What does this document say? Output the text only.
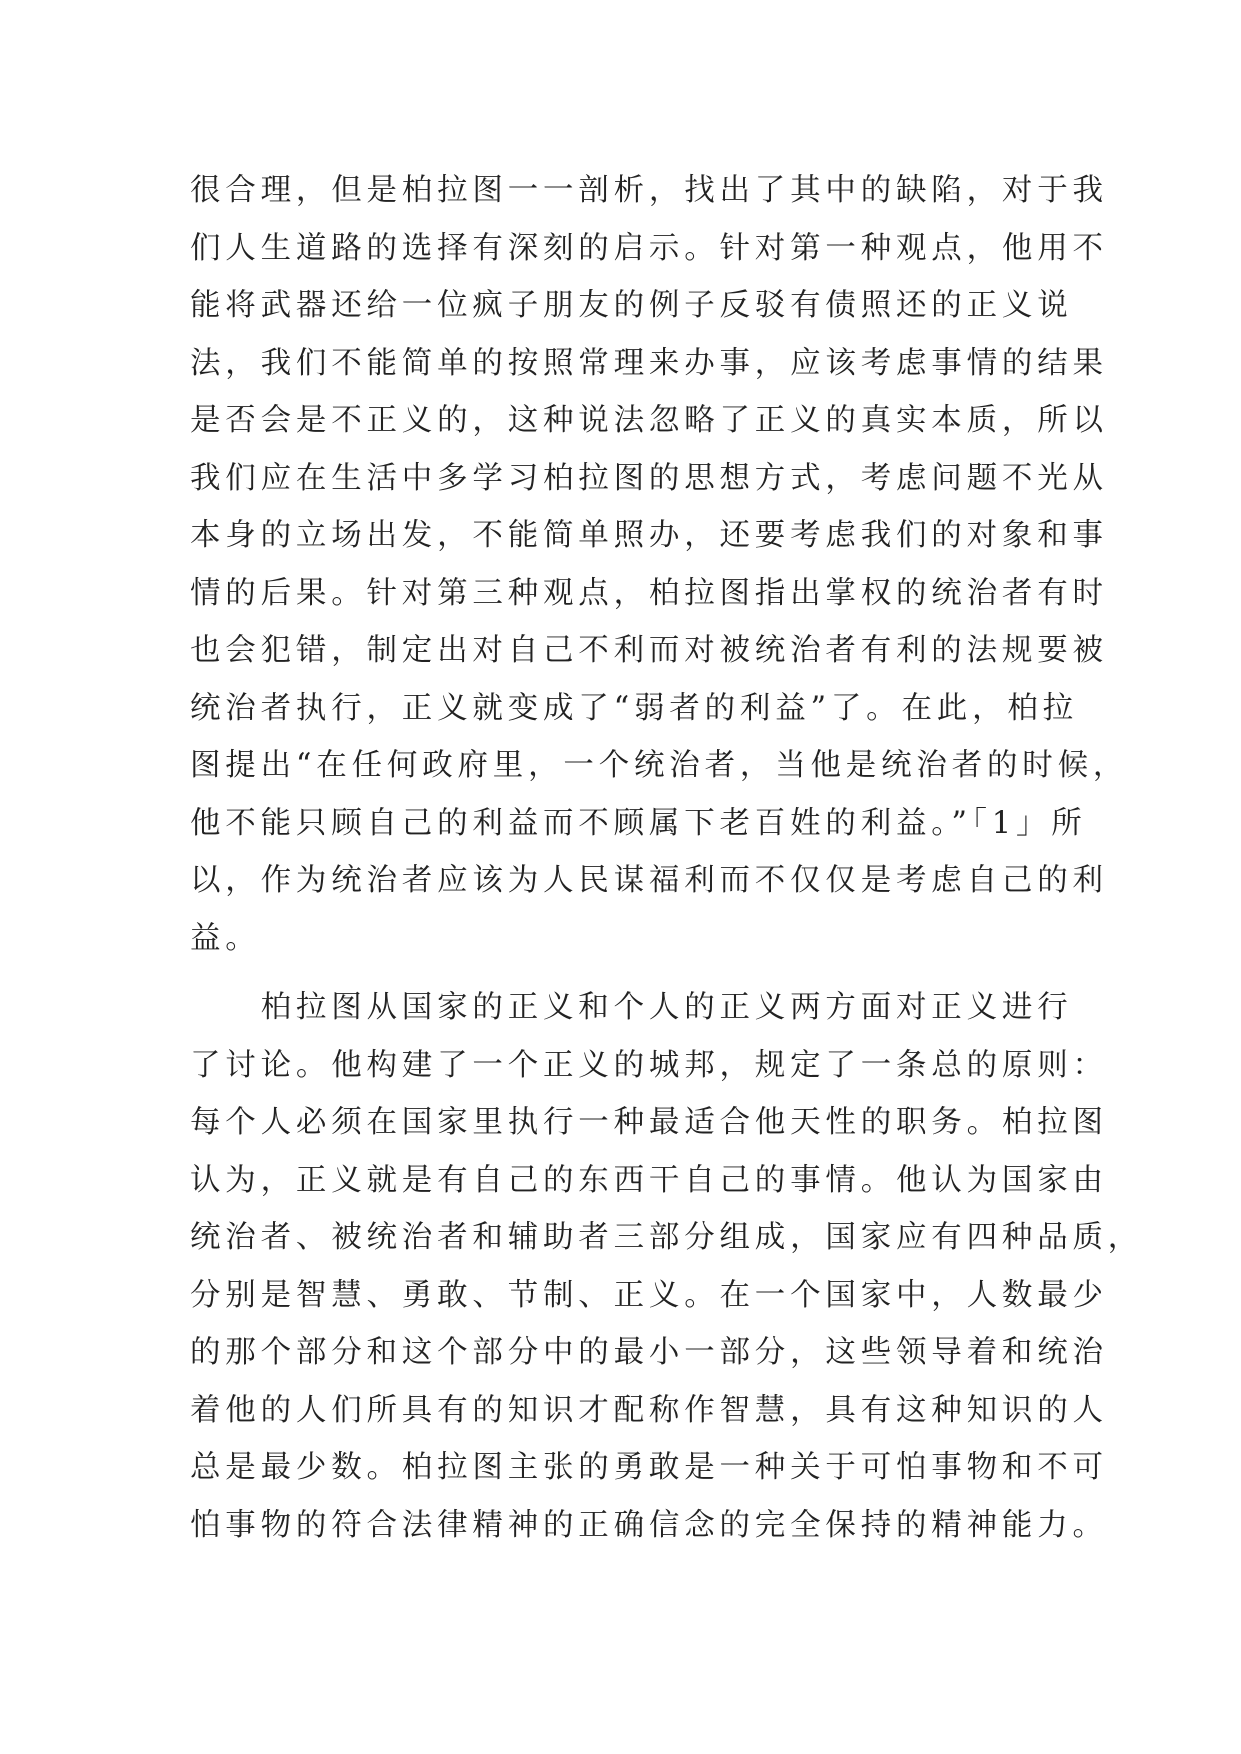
很合理，但是柏拉图一一剖析，找出了其中的缺陷，对于我
们人生道路的选择有深刻的启示。针对第一种观点，他用不
能将武器还给一位疯子朋友的例子反驳有债照还的正义说
法，我们不能简单的按照常理来办事，应该考虑事情的结果
是否会是不正义的，这种说法忽略了正义的真实本质，所以
我们应在生活中多学习柏拉图的思想方式，考虑问题不光从
本身的立场出发，不能简单照办，还要考虑我们的对象和事
情的后果。针对第三种观点，柏拉图指出掌权的统治者有时
也会犯错，制定出对自己不利而对被统治者有利的法规要被
统治者执行，正义就变成了“弱者的利益”了。在此，柏拉
图提出“在任何政府里，一个统治者，当他是统治者的时候，
他不能只顾自己的利益而不顾属下老百姓的利益。”「1」所
以，作为统治者应该为人民谋福利而不仅仅是考虑自己的利
益。
　　柏拉图从国家的正义和个人的正义两方面对正义进行
了讨论。他构建了一个正义的城邦，规定了一条总的原则：
每个人必须在国家里执行一种最适合他天性的职务。柏拉图
认为，正义就是有自己的东西干自己的事情。他认为国家由
统治者、被统治者和辅助者三部分组成，国家应有四种品质，
分别是智慧、勇敢、节制、正义。在一个国家中，人数最少
的那个部分和这个部分中的最小一部分，这些领导着和统治
着他的人们所具有的知识才配称作智慧，具有这种知识的人
总是最少数。柏拉图主张的勇敢是一种关于可怕事物和不可
怕事物的符合法律精神的正确信念的完全保持的精神能力。
